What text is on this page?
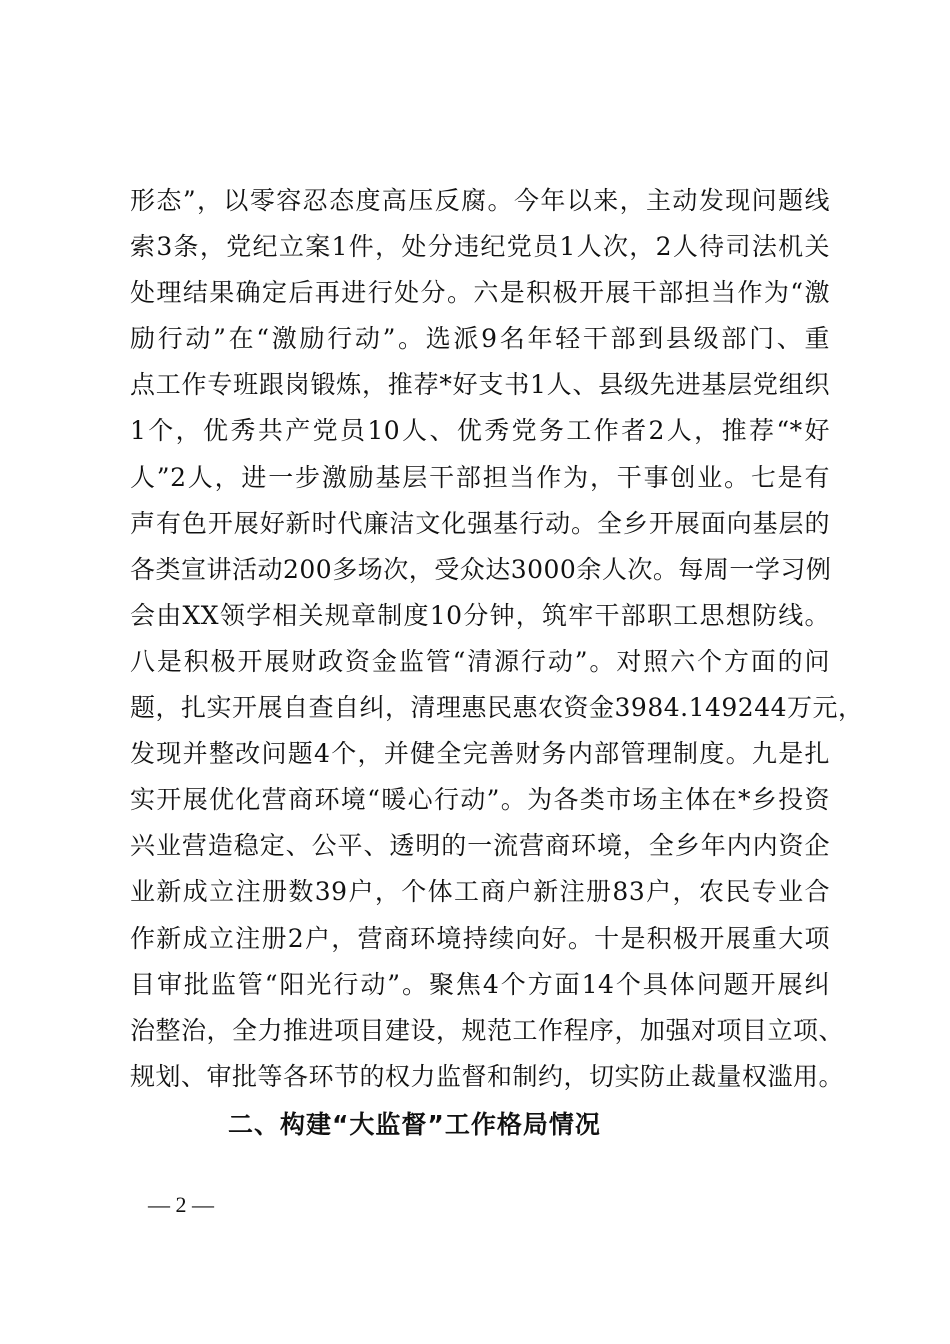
形态”，以零容忍态度高压反腐。今年以来，主动发现问题线
索3条，党纪立案1件，处分违纪党员1人次，2人待司法机关
处理结果确定后再进行处分。六是积极开展干部担当作为“激
励行动”在“激励行动”。选派9名年轻干部到县级部门、重
点工作专班跟岗锻炼，推荐*好支书1人、县级先进基层党组织
1个，优秀共产党员10人、优秀党务工作者2人，推荐“*好
人”2人，进一步激励基层干部担当作为，干事创业。七是有
声有色开展好新时代廉洁文化强基行动。全乡开展面向基层的
各类宣讲活动200多场次，受众达3000余人次。每周一学习例
会由XX领学相关规章制度10分钟，筑牢干部职工思想防线。
八是积极开展财政资金监管“清源行动”。对照六个方面的问
题，扎实开展自查自纠，清理惠民惠农资金3984.149244万元，
发现并整改问题4个，并健全完善财务内部管理制度。九是扎
实开展优化营商环境“暖心行动”。为各类市场主体在*乡投资
兴业营造稳定、公平、透明的一流营商环境，全乡年内内资企
业新成立注册数39户，个体工商户新注册83户，农民专业合
作新成立注册2户，营商环境持续向好。十是积极开展重大项
目审批监管“阳光行动”。聚焦4个方面14个具体问题开展纠
治整治，全力推进项目建设，规范工作程序，加强对项目立项、
规划、审批等各环节的权力监督和制约，切实防止裁量权滥用。
二、构建“大监督”工作格局情况
— 2 —
